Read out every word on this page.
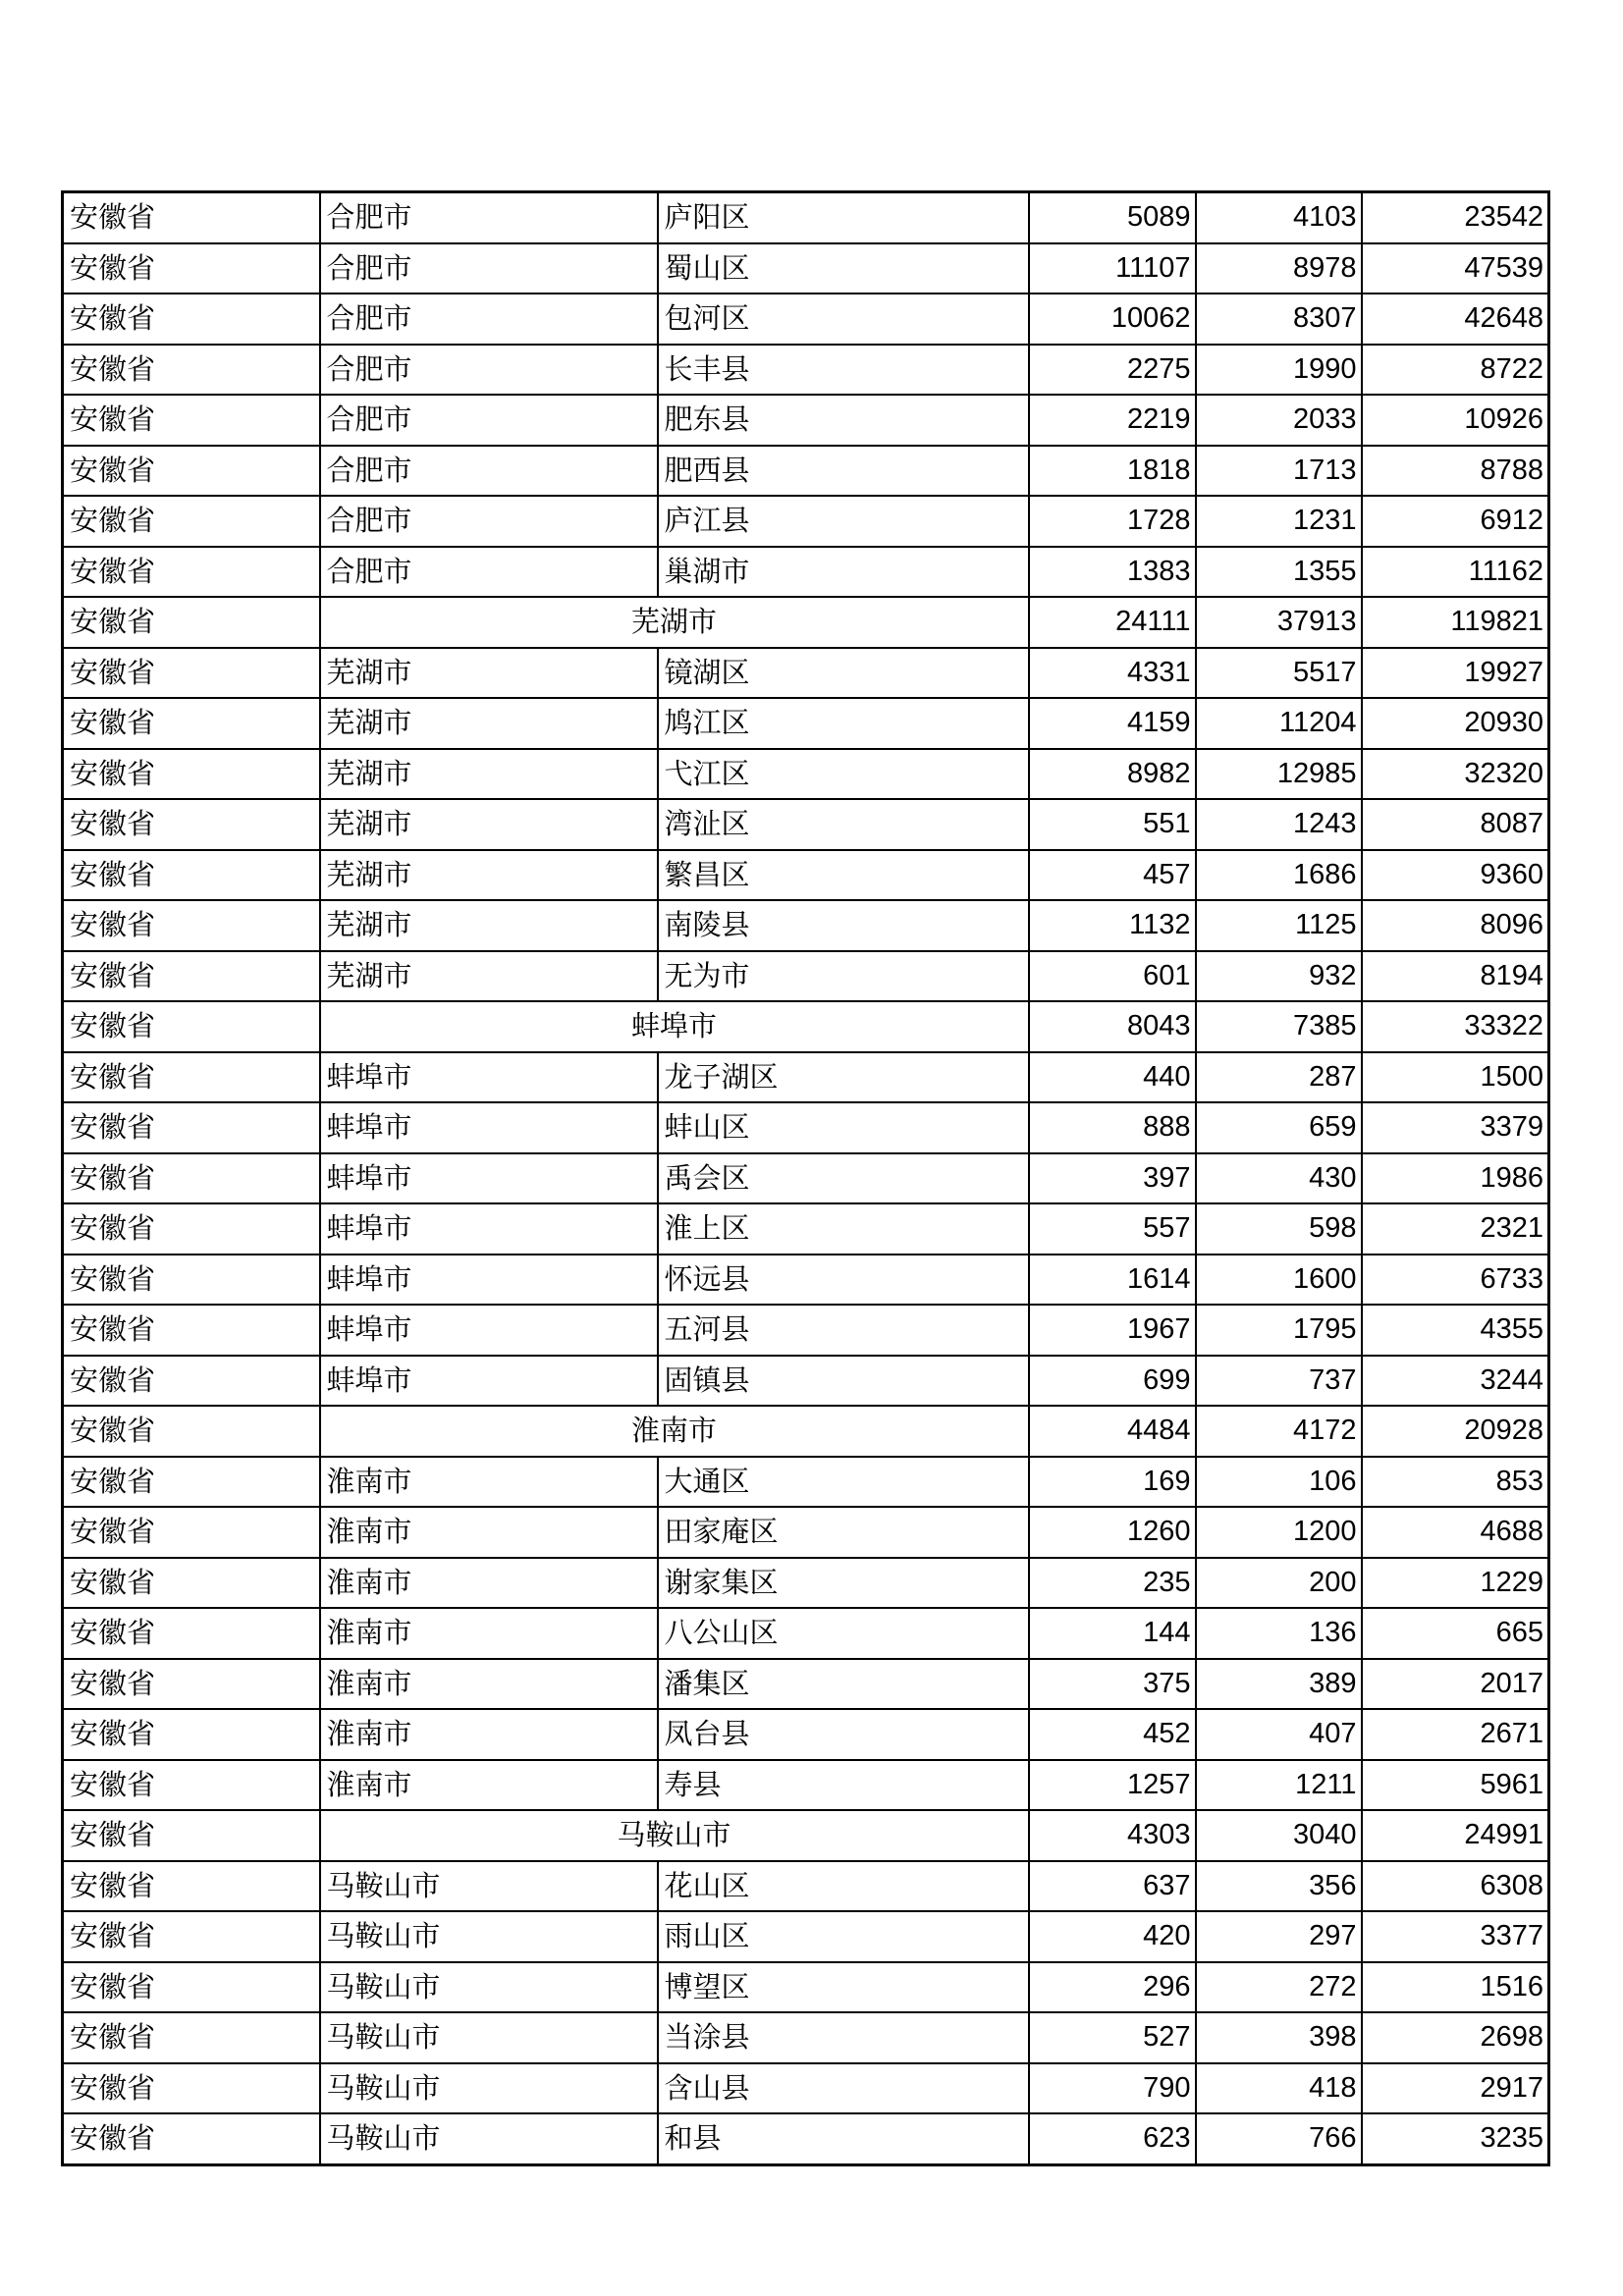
安徽省	合肥市	庐阳区	5089	4103	23542
安徽省	合肥市	蜀山区	11107	8978	47539
安徽省	合肥市	包河区	10062	8307	42648
安徽省	合肥市	长丰县	2275	1990	8722
安徽省	合肥市	肥东县	2219	2033	10926
安徽省	合肥市	肥西县	1818	1713	8788
安徽省	合肥市	庐江县	1728	1231	6912
安徽省	合肥市	巢湖市	1383	1355	11162
安徽省	芜湖市		24111	37913	119821
安徽省	芜湖市	镜湖区	4331	5517	19927
安徽省	芜湖市	鸠江区	4159	11204	20930
安徽省	芜湖市	弋江区	8982	12985	32320
安徽省	芜湖市	湾沚区	551	1243	8087
安徽省	芜湖市	繁昌区	457	1686	9360
安徽省	芜湖市	南陵县	1132	1125	8096
安徽省	芜湖市	无为市	601	932	8194
安徽省	蚌埠市		8043	7385	33322
安徽省	蚌埠市	龙子湖区	440	287	1500
安徽省	蚌埠市	蚌山区	888	659	3379
安徽省	蚌埠市	禹会区	397	430	1986
安徽省	蚌埠市	淮上区	557	598	2321
安徽省	蚌埠市	怀远县	1614	1600	6733
安徽省	蚌埠市	五河县	1967	1795	4355
安徽省	蚌埠市	固镇县	699	737	3244
安徽省	淮南市		4484	4172	20928
安徽省	淮南市	大通区	169	106	853
安徽省	淮南市	田家庵区	1260	1200	4688
安徽省	淮南市	谢家集区	235	200	1229
安徽省	淮南市	八公山区	144	136	665
安徽省	淮南市	潘集区	375	389	2017
安徽省	淮南市	凤台县	452	407	2671
安徽省	淮南市	寿县	1257	1211	5961
安徽省	马鞍山市		4303	3040	24991
安徽省	马鞍山市	花山区	637	356	6308
安徽省	马鞍山市	雨山区	420	297	3377
安徽省	马鞍山市	博望区	296	272	1516
安徽省	马鞍山市	当涂县	527	398	2698
安徽省	马鞍山市	含山县	790	418	2917
安徽省	马鞍山市	和县	623	766	3235
